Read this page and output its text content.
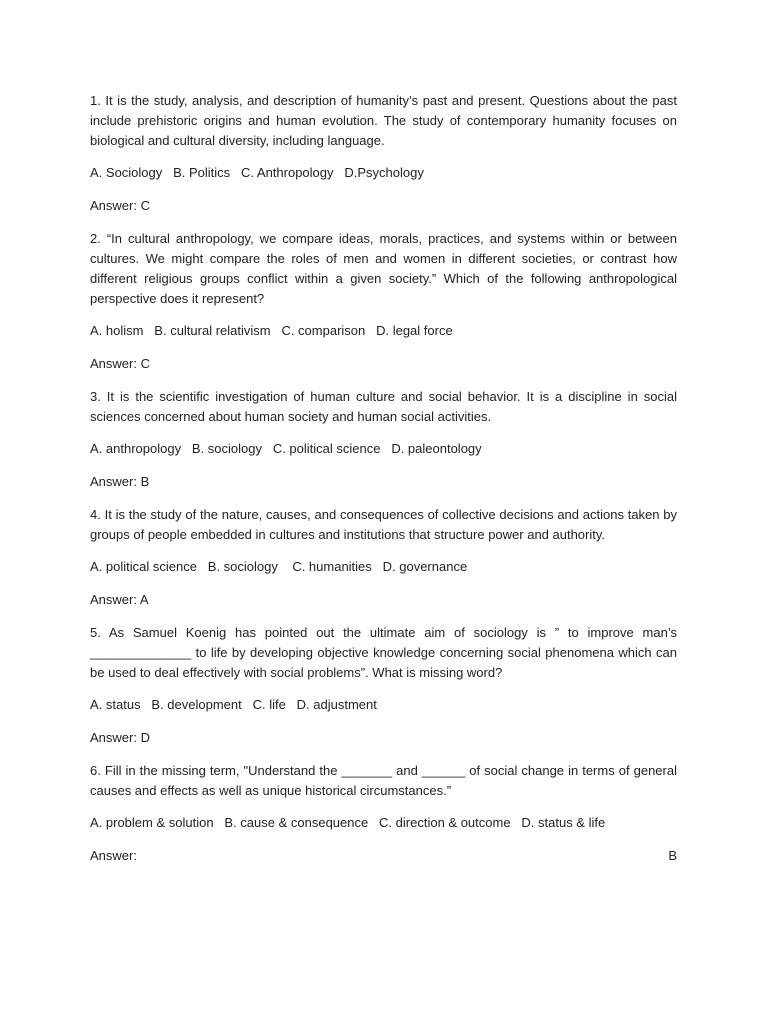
1. It is the study, analysis, and description of humanity’s past and present. Questions about the past include prehistoric origins and human evolution. The study of contemporary humanity focuses on biological and cultural diversity, including language.

A. Sociology   B. Politics   C. Anthropology   D.Psychology

Answer: C

2. “In cultural anthropology, we compare ideas, morals, practices, and systems within or between cultures. We might compare the roles of men and women in different societies, or contrast how different religious groups conflict within a given society.” Which of the following anthropological perspective does it represent?

A. holism   B. cultural relativism   C. comparison   D. legal force

Answer: C

3. It is the scientific investigation of human culture and social behavior. It is a discipline in social sciences concerned about human society and human social activities.

A. anthropology   B. sociology   C. political science   D. paleontology

Answer: B

4. It is the study of the nature, causes, and consequences of collective decisions and actions taken by groups of people embedded in cultures and institutions that structure power and authority.

A. political science   B. sociology    C. humanities   D. governance

Answer: A

5. As Samuel Koenig has pointed out the ultimate aim of sociology is ” to improve man’s ______________ to life by developing objective knowledge concerning social phenomena which can be used to deal effectively with social problems”. What is missing word?

A. status   B. development   C. life   D. adjustment

Answer: D

6. Fill in the missing term, "Understand the _______ and ______ of social change in terms of general causes and effects as well as unique historical circumstances.”

A. problem & solution   B. cause & consequence   C. direction & outcome   D. status & life

Answer:	B
